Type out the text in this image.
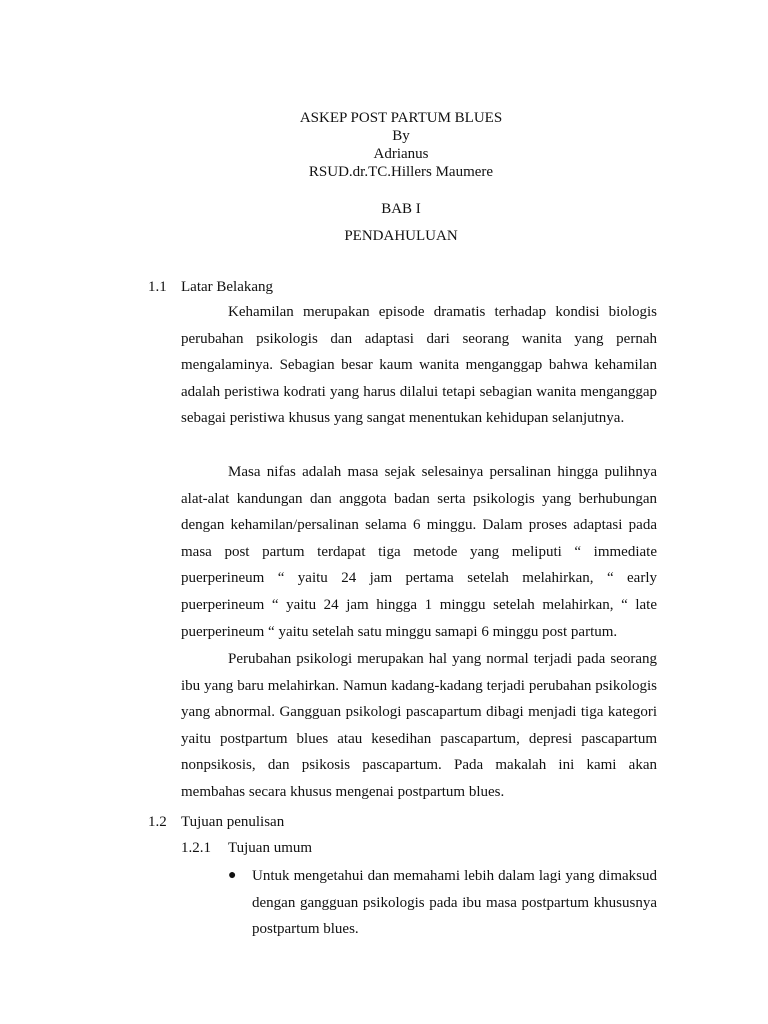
ASKEP POST PARTUM BLUES
By
Adrianus
RSUD.dr.TC.Hillers Maumere
BAB I
PENDAHULUAN
1.1 Latar Belakang

Kehamilan merupakan episode dramatis terhadap kondisi biologis perubahan psikologis dan adaptasi dari seorang wanita yang pernah mengalaminya. Sebagian besar kaum wanita menganggap bahwa kehamilan adalah peristiwa kodrati yang harus dilalui tetapi sebagian wanita menganggap sebagai peristiwa khusus yang sangat menentukan kehidupan selanjutnya.

Masa nifas adalah masa sejak selesainya persalinan hingga pulihnya alat-alat kandungan dan anggota badan serta psikologis yang berhubungan dengan kehamilan/persalinan selama 6 minggu. Dalam proses adaptasi pada masa post partum terdapat tiga metode yang meliputi “ immediate puerperineum “ yaitu 24 jam pertama setelah melahirkan, “ early puerperineum “ yaitu 24 jam hingga 1 minggu setelah melahirkan, “ late puerperineum “ yaitu setelah satu minggu samapi 6 minggu post partum.

Perubahan psikologi merupakan hal yang normal terjadi pada seorang ibu yang baru melahirkan. Namun kadang-kadang terjadi perubahan psikologis yang abnormal. Gangguan psikologi pascapartum dibagi menjadi tiga kategori yaitu postpartum blues atau kesedihan pascapartum, depresi pascapartum nonpsikosis, dan psikosis pascapartum. Pada makalah ini kami akan membahas secara khusus mengenai postpartum blues.

1.2 Tujuan penulisan
1.2.1 Tujuan umum
● Untuk mengetahui dan memahami lebih dalam lagi yang dimaksud dengan gangguan psikologis pada ibu masa postpartum khususnya postpartum blues.
